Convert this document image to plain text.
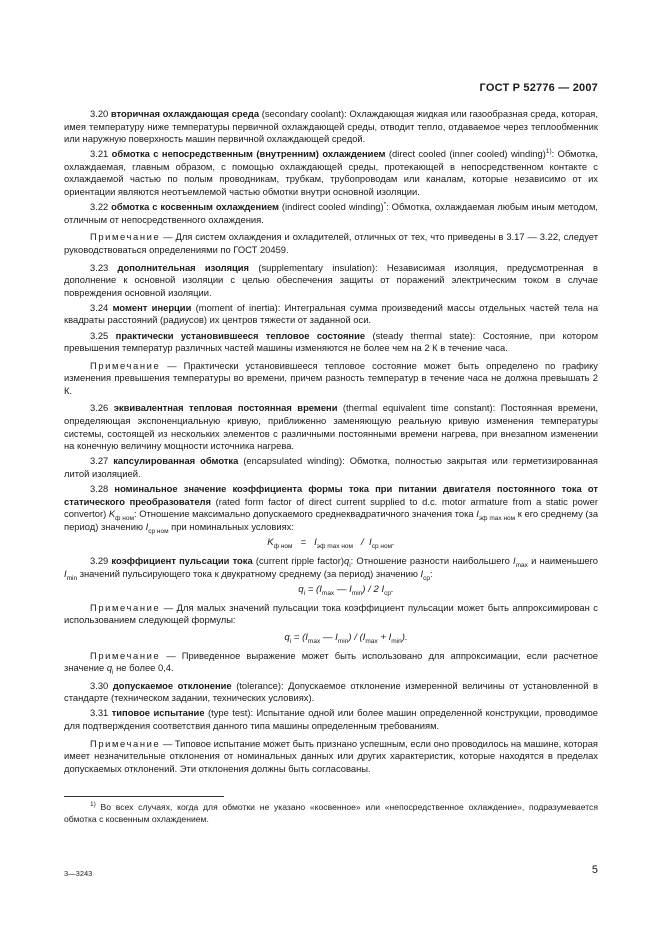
ГОСТ Р 52776 — 2007

3.20 вторичная охлаждающая среда (secondary coolant): Охлаждающая жидкая или газообразная среда, которая, имея температуру ниже температуры первичной охлаждающей среды, отводит тепло, отдаваемое через теплообменник или наружную поверхность машин первичной охлаждающей средой.

3.21 обмотка с непосредственным (внутренним) охлаждением (direct cooled (inner cooled) winding)$^{1)}$: Обмотка, охлаждаемая, главным образом, с помощью охлаждающей среды, протекающей в непосредственном контакте с охлаждаемой частью по полым проводникам, трубкам, трубопроводам или каналам, которые независимо от их ориентации являются неотъемлемой частью обмотки внутри основной изоляции.

3.22 обмотка с косвенным охлаждением (indirect cooled winding)*: Обмотка, охлаждаемая любым иным методом, отличным от непосредственного охлаждения.

Примечание — Для систем охлаждения и охладителей, отличных от тех, что приведены в 3.17 — 3.22, следует руководствоваться определениями по ГОСТ 20459.

3.23 дополнительная изоляция (supplementary insulation): Независимая изоляция, предусмотренная в дополнение к основной изоляции с целью обеспечения защиты от поражений электрическим током в случае повреждения основной изоляции.

3.24 момент инерции (moment of inertia): Интегральная сумма произведений массы отдельных частей тела на квадраты расстояний (радиусов) их центров тяжести от заданной оси.

3.25 практически установившееся тепловое состояние (steady thermal state): Состояние, при котором превышения температур различных частей машины изменяются не более чем на 2 К в течение часа.

Примечание — Практически установившееся тепловое состояние может быть определено по графику изменения превышения температуры во времени, причем разность температур в течение часа не должна превышать 2 К.

3.26 эквивалентная тепловая постоянная времени (thermal equivalent time constant): Постоянная времени, определяющая экспоненциальную кривую, приближенно заменяющую реальную кривую изменения температуры системы, состоящей из нескольких элементов с различными постоянными времени нагрева, при внезапном изменении на конечную величину мощности источника нагрева.

3.27 капсулированная обмотка (encapsulated winding): Обмотка, полностью закрытая или герметизированная литой изоляцией.

3.28 номинальное значение коэффициента формы тока при питании двигателя постоянного тока от статического преобразователя (rated form factor of direct current supplied to d.c. motor armature from a static power convertor) $K_{ф ном}$: Отношение максимально допускаемого среднеквадратичного значения тока $I_{эф max ном}$ к его среднему (за период) значению $I_{ср ном}$ при номинальных условиях:

$K_{ф ном} = I_{эф max ном} / I_{ср ном}$.

3.29 коэффициент пульсации тока (current ripple $factor)q_i$: Отношение разности наибольшего $I_{max}$ и наименьшего $I_{min}$ значений пульсирующего тока к двукратному среднему (за период) значению $I_{ср}$:

$q_i = (I_{max}$ — $I_{min}) / 2$ $I_{ср}$.

Примечание — Для малых значений пульсации тока коэффициент пульсации может быть аппроксимирован с использованием следующей формулы:

$q_i = (I_{max}$ — $I_{min}) / (I_{max} + I_{min})$.

Примечание — Приведенное выражение может быть использовано для аппроксимации, если расчетное значение $q_i$ не более 0,4.

3.30 допускаемое отклонение (tolerance): Допускаемое отклонение измеренной величины от установленной в стандарте (техническом задании, технических условиях).

3.31 типовое испытание (type test): Испытание одной или более машин определенной конструкции, проводимое для подтверждения соответствия данного типа машины определенным требованиям.

Примечание — Типовое испытание может быть признано успешным, если оно проводилось на машине, которая имеет незначительные отклонения от номинальных данных или других характеристик, которые находятся в пределах допускаемых отклонений. Эти отклонения должны быть согласованы.

$^{1)}$ Во всех случаях, когда для обмотки не указано «косвенное» или «непосредственное охлаждение», подразумевается обмотка с косвенным охлаждением.
3—3243	5
